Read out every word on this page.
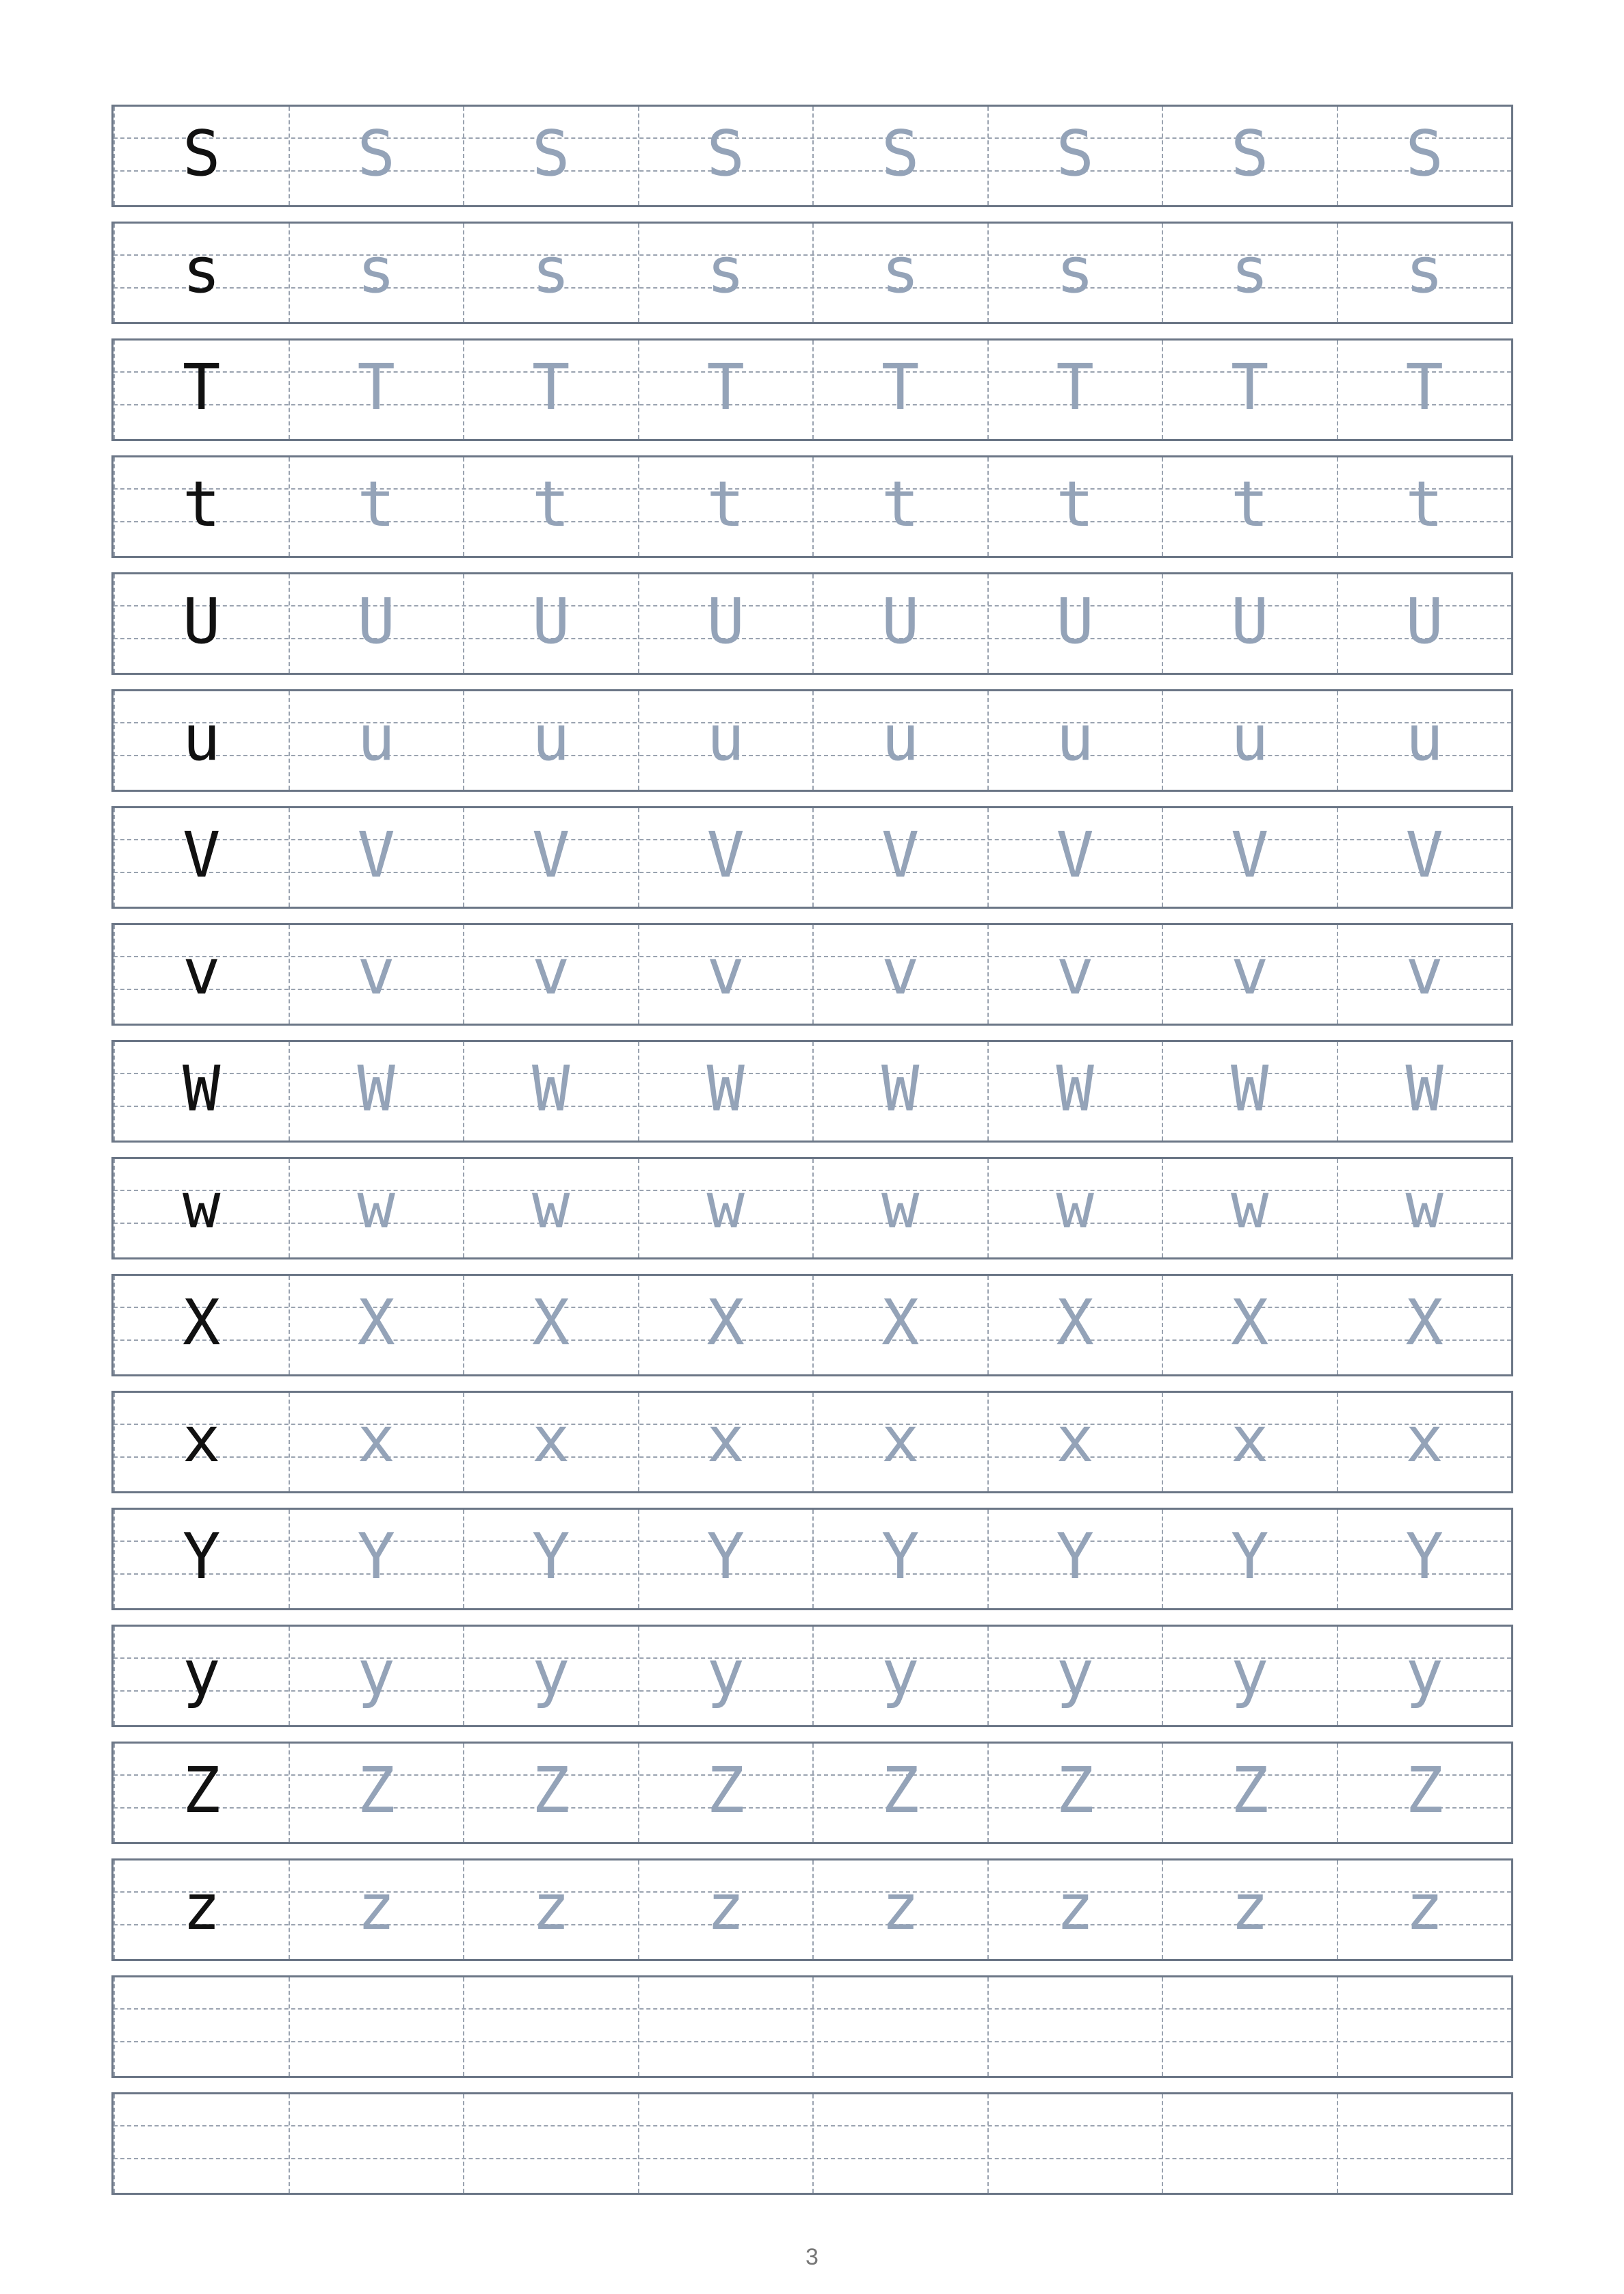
S S S S S S S S
s s s s s s s s
T T T T T T T T
t t t t t t t t
U U U U U U U U
u u u u u u u u
V V V V V V V V
v v v v v v v v
W W W W W W W W
w w w w w w w w
X X X X X X X X
x x x x x x x x
Y Y Y Y Y Y Y Y
y y y y y y y y
Z Z Z Z Z Z Z Z
z z z z z z z z
3
